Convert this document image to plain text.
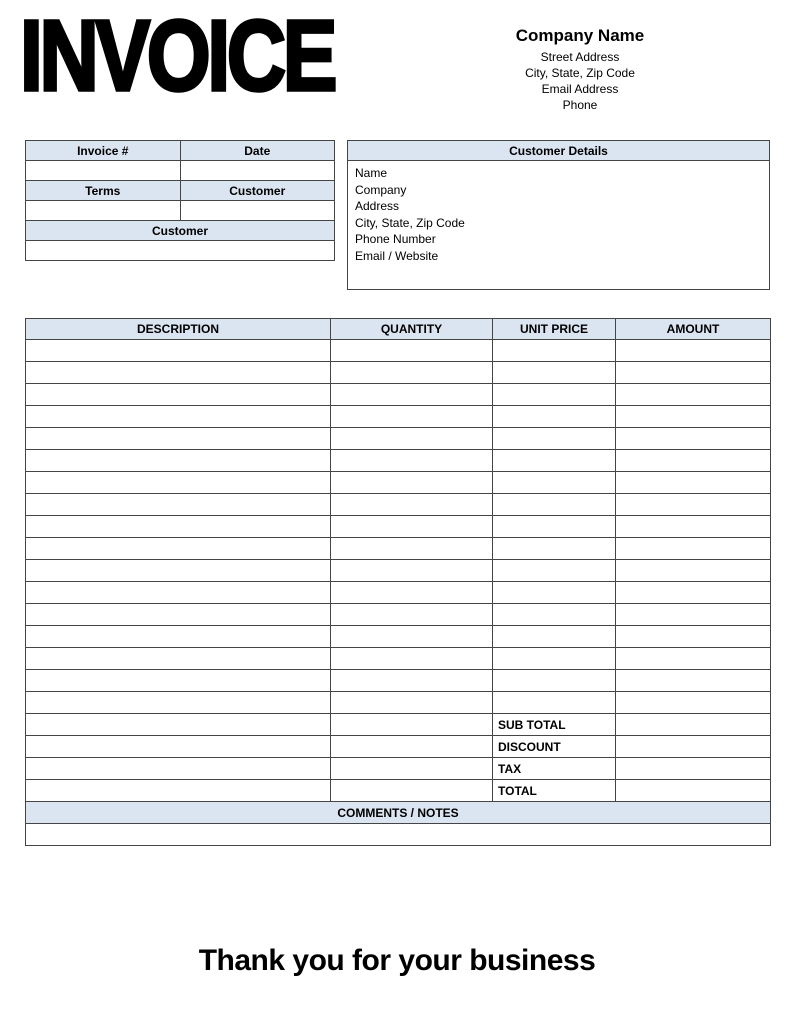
INVOICE	Company Name
Street Address
City, State, Zip Code
Email Address
Phone
Invoice #	Date

Terms	Customer

Customer	

Customer Details
Name
Company
Address
City, State, Zip Code
Phone Number
Email / Website
DESCRIPTION	QUANTITY	UNIT PRICE	AMOUNT

		SUB TOTAL	
		DISCOUNT	
		TAX	
		TOTAL	
COMMENTS / NOTES			

Thank you for your business
